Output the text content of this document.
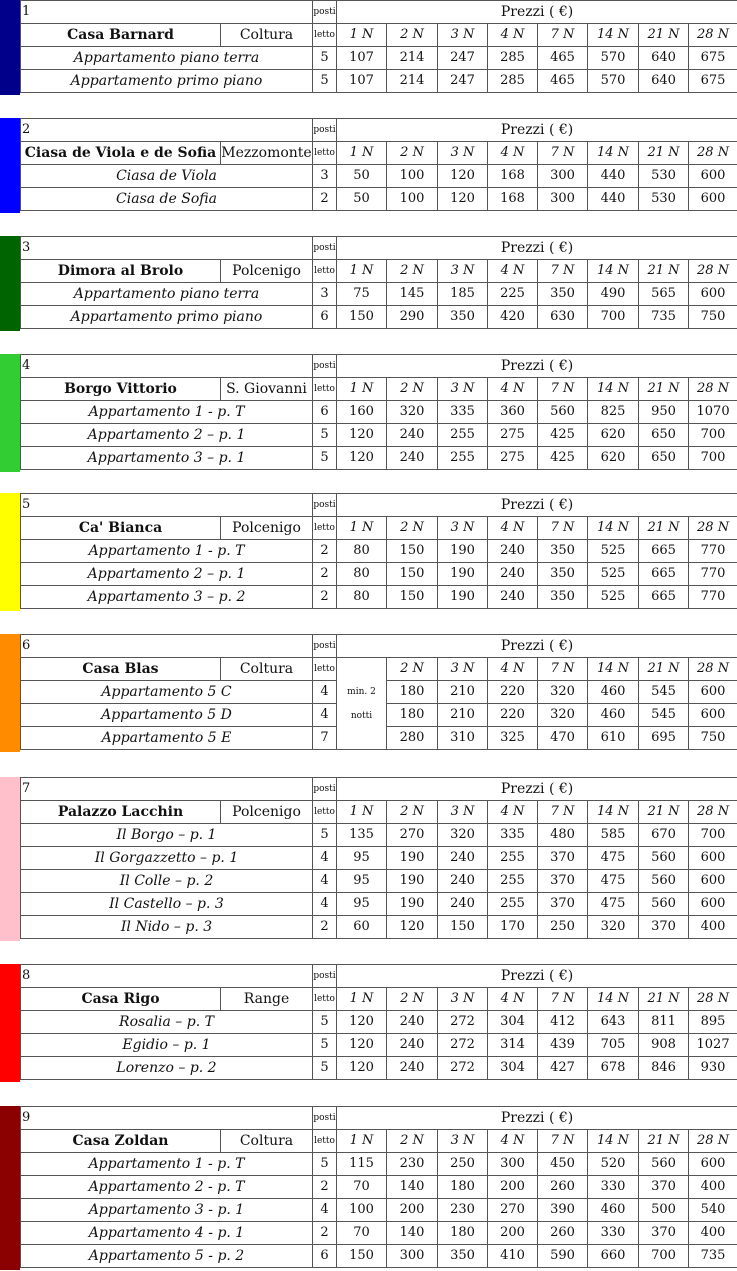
1		posti	Prezzi ( €)							
Casa Barnard	Coltura	letto	1 N	2 N	3 N	4 N	7 N	14 N	21 N	28 N
Appartamento piano terra		5	107	214	247	285	465	570	640	675
Appartamento primo piano		5	107	214	247	285	465	570	640	675
2		posti	Prezzi ( €)							
Ciasa de Viola e de Sofia	Mezzomonte	letto	1 N	2 N	3 N	4 N	7 N	14 N	21 N	28 N
Ciasa de Viola		3	50	100	120	168	300	440	530	600
Ciasa de Sofia		2	50	100	120	168	300	440	530	600
3		posti	Prezzi ( €)							
Dimora al Brolo	Polcenigo	letto	1 N	2 N	3 N	4 N	7 N	14 N	21 N	28 N
Appartamento piano terra		3	75	145	185	225	350	490	565	600
Appartamento primo piano		6	150	290	350	420	630	700	735	750
4		posti	Prezzi ( €)							
Borgo Vittorio	S. Giovanni	letto	1 N	2 N	3 N	4 N	7 N	14 N	21 N	28 N
Appartamento 1 - p. T		6	160	320	335	360	560	825	950	1070
Appartamento 2 – p. 1		5	120	240	255	275	425	620	650	700
Appartamento 3 – p. 1		5	120	240	255	275	425	620	650	700
5		posti	Prezzi ( €)							
Ca' Bianca	Polcenigo	letto	1 N	2 N	3 N	4 N	7 N	14 N	21 N	28 N
Appartamento 1 - p. T		2	80	150	190	240	350	525	665	770
Appartamento 2 – p. 1		2	80	150	190	240	350	525	665	770
Appartamento 3 – p. 2		2	80	150	190	240	350	525	665	770
6		posti	Prezzi ( €)							
Casa Blas	Coltura	letto	min. 2 notti	2 N	3 N	4 N	7 N	14 N	21 N	28 N
Appartamento 5 C		4		180	210	220	320	460	545	600
Appartamento 5 D		4		180	210	220	320	460	545	600
Appartamento 5 E		7		280	310	325	470	610	695	750
7		posti	Prezzi ( €)							
Palazzo Lacchin	Polcenigo	letto	1 N	2 N	3 N	4 N	7 N	14 N	21 N	28 N
Il Borgo – p. 1		5	135	270	320	335	480	585	670	700
Il Gorgazzetto – p. 1		4	95	190	240	255	370	475	560	600
Il Colle – p. 2		4	95	190	240	255	370	475	560	600
Il Castello – p. 3		4	95	190	240	255	370	475	560	600
Il Nido – p. 3		2	60	120	150	170	250	320	370	400
8		posti	Prezzi ( €)							
Casa Rigo	Range	letto	1 N	2 N	3 N	4 N	7 N	14 N	21 N	28 N
Rosalia – p. T		5	120	240	272	304	412	643	811	895
Egidio – p. 1		5	120	240	272	314	439	705	908	1027
Lorenzo – p. 2		5	120	240	272	304	427	678	846	930
9		posti	Prezzi ( €)							
Casa Zoldan	Coltura	letto	1 N	2 N	3 N	4 N	7 N	14 N	21 N	28 N
Appartamento 1 - p. T		5	115	230	250	300	450	520	560	600
Appartamento 2 - p. T		2	70	140	180	200	260	330	370	400
Appartamento 3 - p. 1		4	100	200	230	270	390	460	500	540
Appartamento 4 - p. 1		2	70	140	180	200	260	330	370	400
Appartamento 5 - p. 2		6	150	300	350	410	590	660	700	735
